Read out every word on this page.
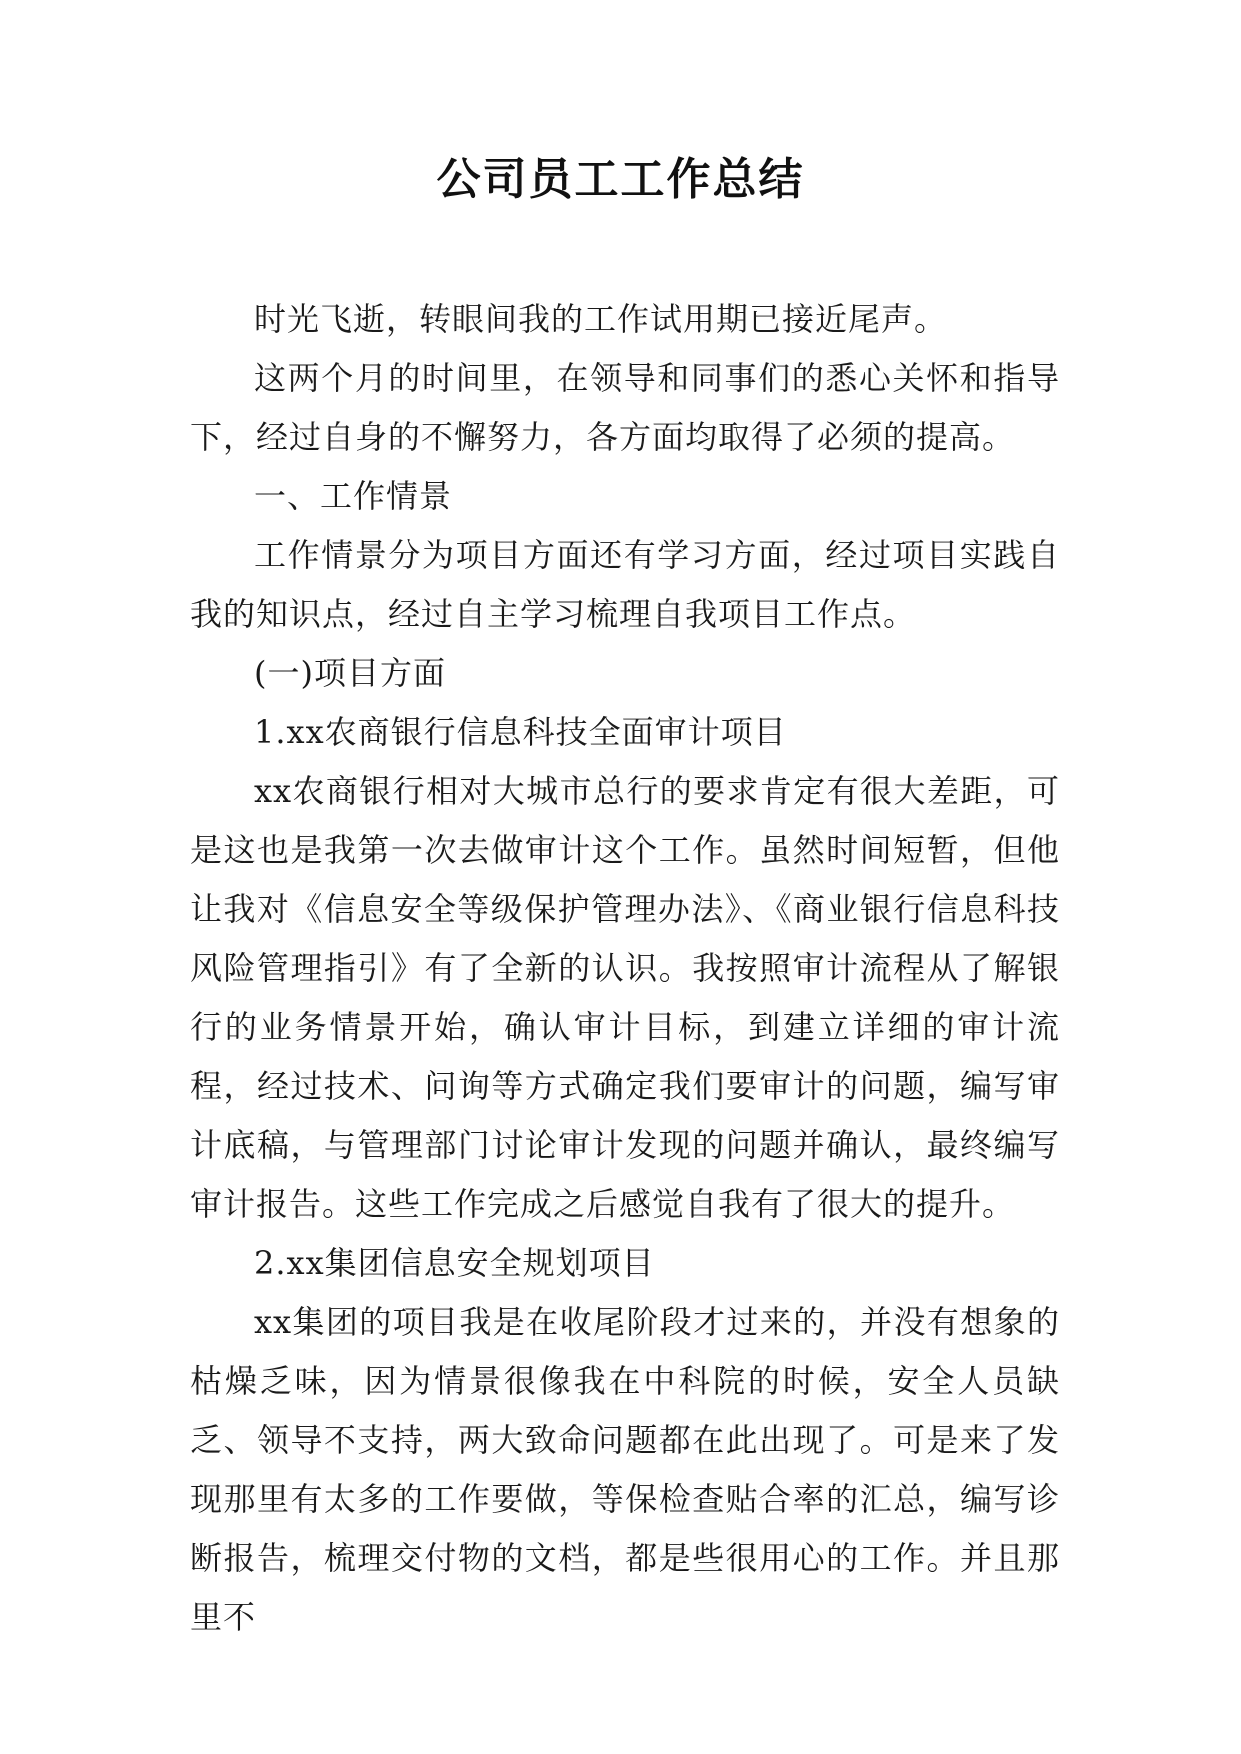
公司员工工作总结

时光飞逝，转眼间我的工作试用期已接近尾声。

这两个月的时间里，在领导和同事们的悉心关怀和指导下，经过自身的不懈努力，各方面均取得了必须的提高。

一、工作情景

工作情景分为项目方面还有学习方面，经过项目实践自我的知识点，经过自主学习梳理自我项目工作点。

(一)项目方面

1.xx农商银行信息科技全面审计项目

xx农商银行相对大城市总行的要求肯定有很大差距，可是这也是我第一次去做审计这个工作。虽然时间短暂，但他让我对《信息安全等级保护管理办法》、《商业银行信息科技风险管理指引》有了全新的认识。我按照审计流程从了解银行的业务情景开始，确认审计目标，到建立详细的审计流程，经过技术、问询等方式确定我们要审计的问题，编写审计底稿，与管理部门讨论审计发现的问题并确认，最终编写审计报告。这些工作完成之后感觉自我有了很大的提升。

2.xx集团信息安全规划项目

xx集团的项目我是在收尾阶段才过来的，并没有想象的枯燥乏味，因为情景很像我在中科院的时候，安全人员缺乏、领导不支持，两大致命问题都在此出现了。可是来了发现那里有太多的工作要做，等保检查贴合率的汇总，编写诊断报告，梳理交付物的文档，都是些很用心的工作。并且那里不
